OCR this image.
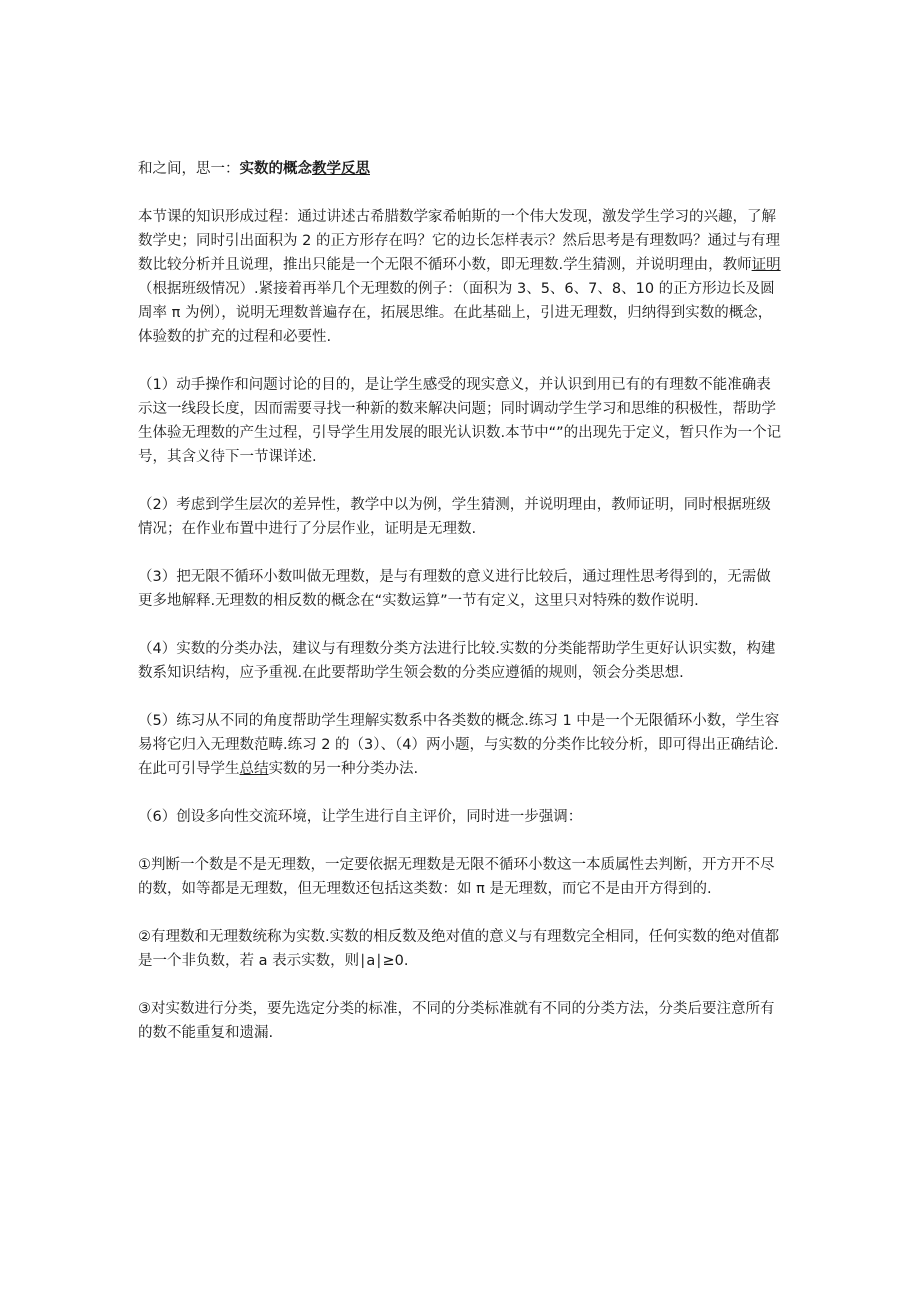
和之间，思一：实数的概念教学反思

本节课的知识形成过程：通过讲述古希腊数学家希帕斯的一个伟大发现，激发学生学习的兴趣，了解数学史；同时引出面积为 2 的正方形存在吗？它的边长怎样表示？然后思考是有理数吗？通过与有理数比较分析并且说理，推出只能是一个无限不循环小数，即无理数.学生猜测，并说明理由，教师证明（根据班级情况）.紧接着再举几个无理数的例子：（面积为 3、5、6、7、8、10 的正方形边长及圆周率 π 为例），说明无理数普遍存在，拓展思维。在此基础上，引进无理数，归纳得到实数的概念，体验数的扩充的过程和必要性.

（1）动手操作和问题讨论的目的，是让学生感受的现实意义，并认识到用已有的有理数不能准确表示这一线段长度，因而需要寻找一种新的数来解决问题；同时调动学生学习和思维的积极性，帮助学生体验无理数的产生过程，引导学生用发展的眼光认识数.本节中“”的出现先于定义，暂只作为一个记号，其含义待下一节课详述.

（2）考虑到学生层次的差异性，教学中以为例，学生猜测，并说明理由，教师证明，同时根据班级情况；在作业布置中进行了分层作业，证明是无理数.

（3）把无限不循环小数叫做无理数，是与有理数的意义进行比较后，通过理性思考得到的，无需做更多地解释.无理数的相反数的概念在“实数运算”一节有定义，这里只对特殊的数作说明.

（4）实数的分类办法，建议与有理数分类方法进行比较.实数的分类能帮助学生更好认识实数，构建数系知识结构，应予重视.在此要帮助学生领会数的分类应遵循的规则，领会分类思想.

（5）练习从不同的角度帮助学生理解实数系中各类数的概念.练习 1 中是一个无限循环小数，学生容易将它归入无理数范畴.练习 2 的（3）、（4）两小题，与实数的分类作比较分析，即可得出正确结论.在此可引导学生总结实数的另一种分类办法.

（6）创设多向性交流环境，让学生进行自主评价，同时进一步强调：

①判断一个数是不是无理数，一定要依据无理数是无限不循环小数这一本质属性去判断，开方开不尽的数，如等都是无理数，但无理数还包括这类数：如 π 是无理数，而它不是由开方得到的.

②有理数和无理数统称为实数.实数的相反数及绝对值的意义与有理数完全相同，任何实数的绝对值都是一个非负数，若 a 表示实数，则∣a∣≥0.

③对实数进行分类，要先选定分类的标准，不同的分类标准就有不同的分类方法，分类后要注意所有的数不能重复和遗漏.
